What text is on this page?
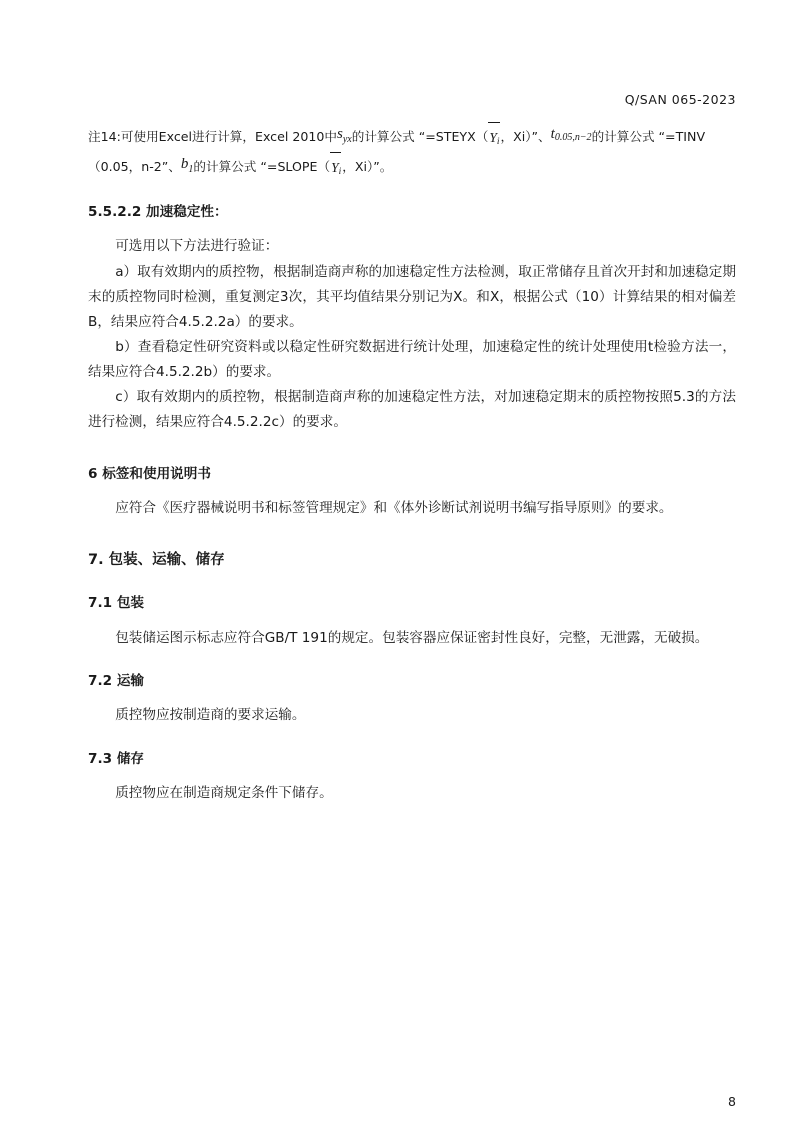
Q/SAN 065-2023
注14:可使用Excel进行计算，Excel 2010中syx的计算公式 “=STEYX（Yi，Xi）”、t0.05,n−2的计算公式 “=TINV
（0.05，n-2”、b1的计算公式 “=SLOPE（Yi，Xi）”。
5.5.2.2 加速稳定性：
可选用以下方法进行验证：
a）取有效期内的质控物，根据制造商声称的加速稳定性方法检测，取正常储存且首次开封和加速稳定期末的质控物同时检测，重复测定3次，其平均值结果分别记为X。和X，根据公式（10）计算结果的相对偏差B，结果应符合4.5.2.2a）的要求。
b）查看稳定性研究资料或以稳定性研究数据进行统计处理，加速稳定性的统计处理使用t检验方法一，结果应符合4.5.2.2b）的要求。
c）取有效期内的质控物，根据制造商声称的加速稳定性方法，对加速稳定期末的质控物按照5.3的方法进行检测，结果应符合4.5.2.2c）的要求。
6 标签和使用说明书
应符合《医疗器械说明书和标签管理规定》和《体外诊断试剂说明书编写指导原则》的要求。
7. 包装、运输、储存
7.1 包装
包装储运图示标志应符合GB/T 191的规定。包装容器应保证密封性良好，完整，无泄露，无破损。
7.2 运输
质控物应按制造商的要求运输。
7.3 储存
质控物应在制造商规定条件下储存。
8
